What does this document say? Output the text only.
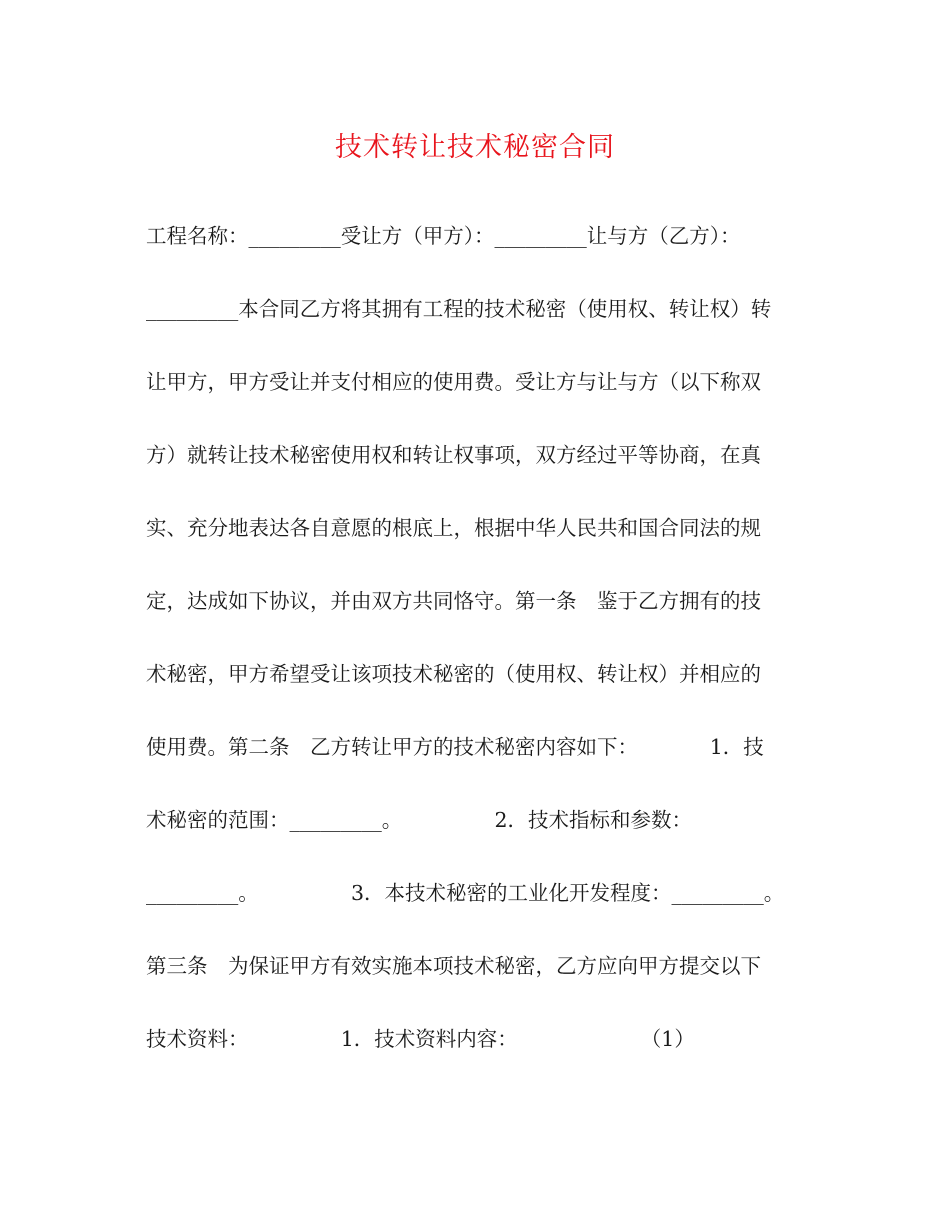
技术转让技术秘密合同
工程名称：_________受让方（甲方）：_________让与方（乙方）：
_________本合同乙方将其拥有工程的技术秘密（使用权、转让权）转
让甲方，甲方受让并支付相应的使用费。受让方与让与方（以下称双
方）就转让技术秘密使用权和转让权事项，双方经过平等协商，在真
实、充分地表达各自意愿的根底上，根据中华人民共和国合同法的规
定，达成如下协议，并由双方共同恪守。第一条　鉴于乙方拥有的技
术秘密，甲方希望受让该项技术秘密的（使用权、转让权）并相应的
使用费。第二条　乙方转让甲方的技术秘密内容如下：　　　　1．技
术秘密的范围：_________。　　　　　2．技术指标和参数：
_________。　　　　　3．本技术秘密的工业化开发程度：_________。
第三条　为保证甲方有效实施本项技术秘密，乙方应向甲方提交以下
技术资料：　　　　　1．技术资料内容：　　　　　　　（1）
